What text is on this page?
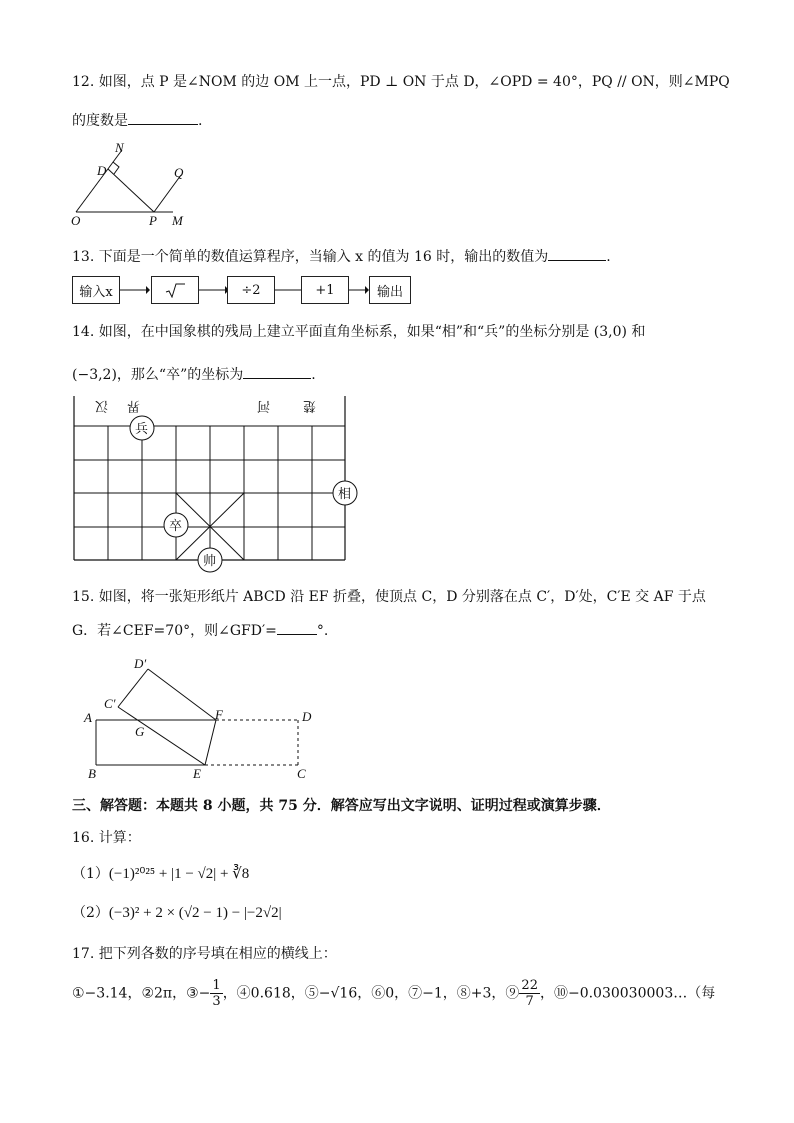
12. 如图，点 P 是∠NOM 的边 OM 上一点，PD ⊥ ON 于点 D，∠OPD = 40°，PQ // ON，则∠MPQ
的度数是	.
N
D	Q
O	P M
13. 下面是一个简单的数值运算程序，当输入 x 的值为 16 时，输出的数值为	.
输入x	÷2	+1	输出
14. 如图，在中国象棋的残局上建立平面直角坐标系，如果“相”和“兵”的坐标分别是 (3,0) 和
(−3,2)，那么“卒”的坐标为	.
汉 界	河	楚
兵
相
卒
帅
15. 如图，将一张矩形纸片 ABCD 沿 EF 折叠，使顶点 C，D 分别落在点 C′，D′处，C′E 交 AF 于点
G．若∠CEF=70°，则∠GFD′=	°.
D′
C′
A
G
F	D
B	E	C
三、解答题：本题共 8 小题，共 75 分．解答应写出文字说明、证明过程或演算步骤．
16. 计算：
（1）(−1)²⁰²⁵ + |1 − √2| + ∛8
（2）(−3)² + 2 × (√2 − 1) − |−2√2|
17. 把下列各数的序号填在相应的横线上：
①−3.14，②2π，③− $\frac{1}{3}$ ，④0.618，⑤−√16，⑥0，⑦−1，⑧+3，⑨ $\frac{22}{7}$ ，⑩−0.030030003…（每
